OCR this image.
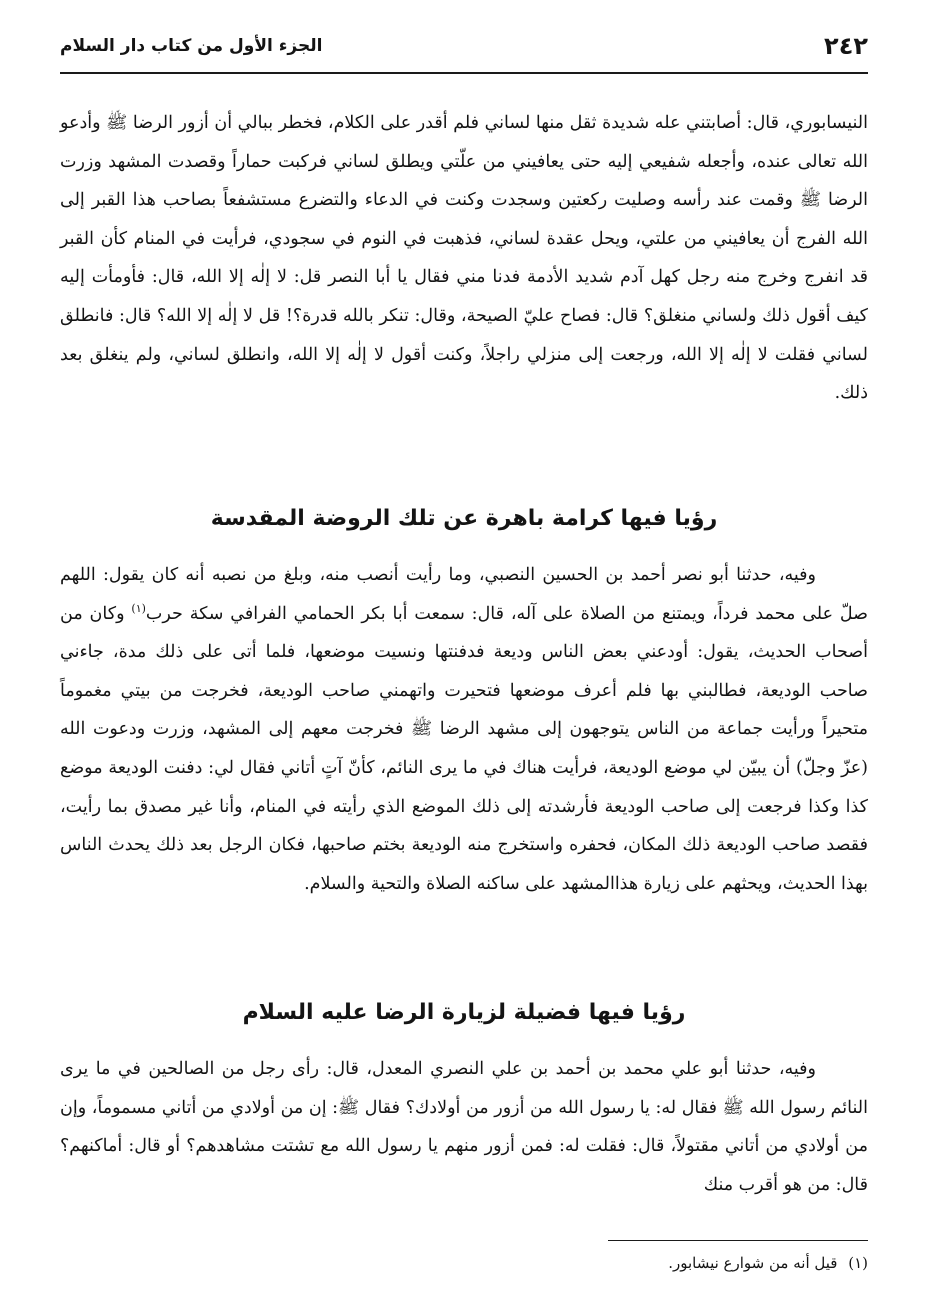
٢٤٢
الجزء الأول من كتاب دار السلام

النيسابوري، قال: أصابتني عله شديدة ثقل منها لساني فلم أقدر على الكلام، فخطر ببالي أن أزور الرضا ﷺ وأدعو الله تعالى عنده، وأجعله شفيعي إليه حتى يعافيني من علّتي ويطلق لساني فركبت حماراً وقصدت المشهد وزرت الرضا ﷺ وقمت عند رأسه وصليت ركعتين وسجدت وكنت في الدعاء والتضرع مستشفعاً بصاحب هذا القبر إلى الله الفرج أن يعافيني من علتي، ويحل عقدة لساني، فذهبت في النوم في سجودي، فرأيت في المنام كأن القبر قد انفرج وخرج منه رجل كهل آدم شديد الأدمة فدنا مني فقال يا أبا النصر قل: لا إلٰه إلا الله، قال: فأومأت إليه كيف أقول ذلك ولساني منغلق؟ قال: فصاح عليّ الصيحة، وقال: تنكر بالله قدرة؟! قل لا إلٰه إلا الله؟ قال: فانطلق لساني فقلت لا إلٰه إلا الله، ورجعت إلى منزلي راجلاً، وكنت أقول لا إلٰه إلا الله، وانطلق لساني، ولم ينغلق بعد ذلك.

رؤيا فيها كرامة باهرة عن تلك الروضة المقدسة

وفيه، حدثنا أبو نصر أحمد بن الحسين النصبي، وما رأيت أنصب منه، وبلغ من نصبه أنه كان يقول: اللهم صلّ على محمد فرداً، ويمتنع من الصلاة على آله، قال: سمعت أبا بكر الحمامي الفرافي سكة حرب$^{(١)}$ وكان من أصحاب الحديث، يقول: أودعني بعض الناس وديعة فدفنتها ونسيت موضعها، فلما أتى على ذلك مدة، جاءني صاحب الوديعة، فطالبني بها فلم أعرف موضعها فتحيرت واتهمني صاحب الوديعة، فخرجت من بيتي مغموماً متحيراً ورأيت جماعة من الناس يتوجهون إلى مشهد الرضا ﷺ فخرجت معهم إلى المشهد، وزرت ودعوت الله (عزّ وجلّ) أن يبيّن لي موضع الوديعة، فرأيت هناك في ما يرى النائم، كأنّ آتٍ أتاني فقال لي: دفنت الوديعة موضع كذا وكذا فرجعت إلى صاحب الوديعة فأرشدته إلى ذلك الموضع الذي رأيته في المنام، وأنا غير مصدق بما رأيت، فقصد صاحب الوديعة ذلك المكان، فحفره واستخرج منه الوديعة بختم صاحبها، فكان الرجل بعد ذلك يحدث الناس بهذا الحديث، ويحثهم على زيارة هذاالمشهد على ساكنه الصلاة والتحية والسلام.

رؤيا فيها فضيلة لزيارة الرضا عليه السلام

وفيه، حدثنا أبو علي محمد بن أحمد بن علي النصري المعدل، قال: رأى رجل من الصالحين في ما يرى النائم رسول الله ﷺ فقال له: يا رسول الله من أزور من أولادك؟ فقال ﷺ: إن من أولادي من أتاني مسموماً، وإن من أولادي من أتاني مقتولاً، قال: فقلت له: فمن أزور منهم يا رسول الله مع تشتت مشاهدهم؟ أو قال: أماكنهم؟ قال: من هو أقرب منك

(١) قيل أنه من شوارع نيشابور.
